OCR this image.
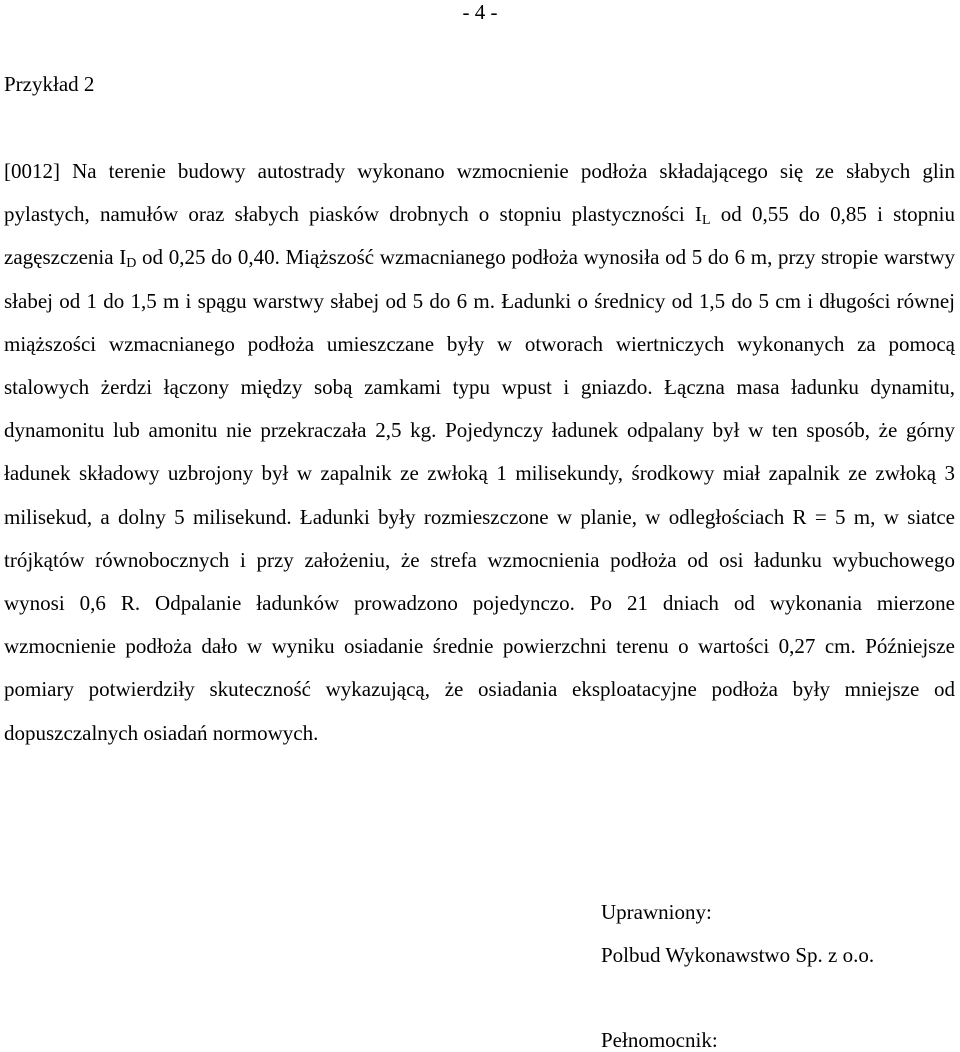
- 4 -
Przykład 2

[0012] Na terenie budowy autostrady wykonano wzmocnienie podłoża składającego się ze słabych glin pylastych, namułów oraz słabych piasków drobnych o stopniu plastyczności $I_L$ od 0,55 do 0,85 i stopniu zagęszczenia $I_D$ od 0,25 do 0,40. Miąższość wzmacnianego podłoża wynosiła od 5 do 6 m, przy stropie warstwy słabej od 1 do 1,5 m i spągu warstwy słabej od 5 do 6 m. Ładunki o średnicy od 1,5 do 5 cm i długości równej miąższości wzmacnianego podłoża umieszczane były w otworach wiertniczych wykonanych za pomocą stalowych żerdzi łączony między sobą zamkami typu wpust i gniazdo. Łączna masa ładunku dynamitu, dynamonitu lub amonitu nie przekraczała 2,5 kg. Pojedynczy ładunek odpalany był w ten sposób, że górny ładunek składowy uzbrojony był w zapalnik ze zwłoką 1 milisekundy, środkowy miał zapalnik ze zwłoką 3 milisekud, a dolny 5 milisekund. Ładunki były rozmieszczone w planie, w odległościach R = 5 m, w siatce trójkątów równobocznych i przy założeniu, że strefa wzmocnienia podłoża od osi ładunku wybuchowego wynosi 0,6 R. Odpalanie ładunków prowadzono pojedynczo. Po 21 dniach od wykonania mierzone wzmocnienie podłoża dało w wyniku osiadanie średnie powierzchni terenu o wartości 0,27 cm. Późniejsze pomiary potwierdziły skuteczność wykazującą, że osiadania eksploatacyjne podłoża były mniejsze od dopuszczalnych osiadań normowych.

Uprawniony:
Polbud Wykonawstwo Sp. z o.o.
Pełnomocnik:
